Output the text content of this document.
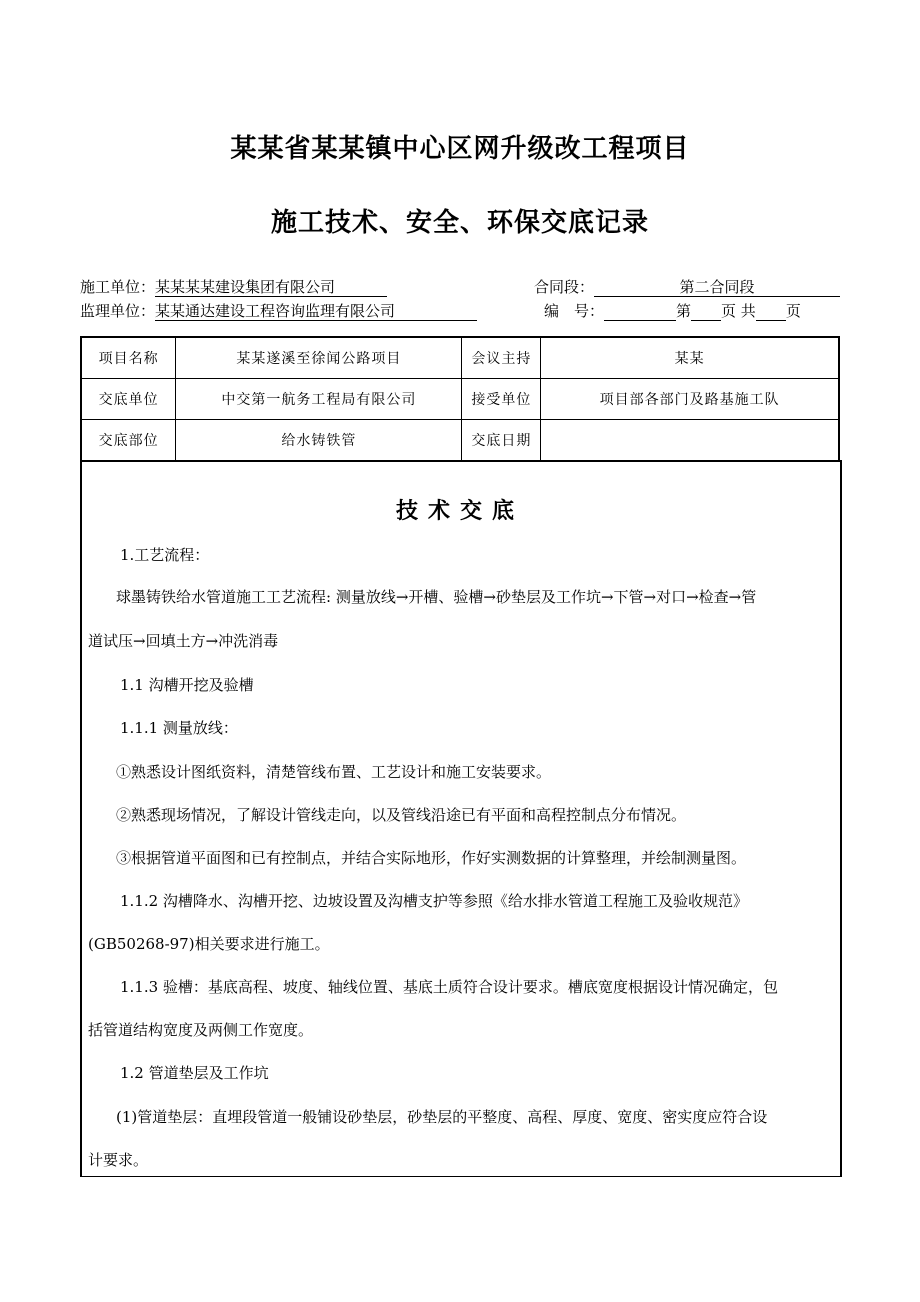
某某省某某镇中心区网升级改工程项目
施工技术、安全、环保交底记录
施工单位：某某某某建设集团有限公司	合同段：	第二合同段
监理单位：某某通达建设工程咨询监理有限公司	编　号：	第 页 共 页
项目名称	某某遂溪至徐闻公路项目	会议主持	某某
交底单位	中交第一航务工程局有限公司	接受单位	项目部各部门及路基施工队
交底部位	给水铸铁管	交底日期	
技术交底
1.工艺流程：
球墨铸铁给水管道施工工艺流程: 测量放线→开槽、验槽→砂垫层及工作坑→下管→对口→检查→管
道试压→回填土方→冲洗消毒
1.1 沟槽开挖及验槽
1.1.1 测量放线：
①熟悉设计图纸资料，清楚管线布置、工艺设计和施工安装要求。
②熟悉现场情况，了解设计管线走向，以及管线沿途已有平面和高程控制点分布情况。
③根据管道平面图和已有控制点，并结合实际地形，作好实测数据的计算整理，并绘制测量图。
1.1.2 沟槽降水、沟槽开挖、边坡设置及沟槽支护等参照《给水排水管道工程施工及验收规范》
(GB50268-97)相关要求进行施工。
1.1.3 验槽：基底高程、坡度、轴线位置、基底土质符合设计要求。槽底宽度根据设计情况确定，包
括管道结构宽度及两侧工作宽度。
1.2 管道垫层及工作坑
(1)管道垫层：直埋段管道一般铺设砂垫层，砂垫层的平整度、高程、厚度、宽度、密实度应符合设
计要求。
